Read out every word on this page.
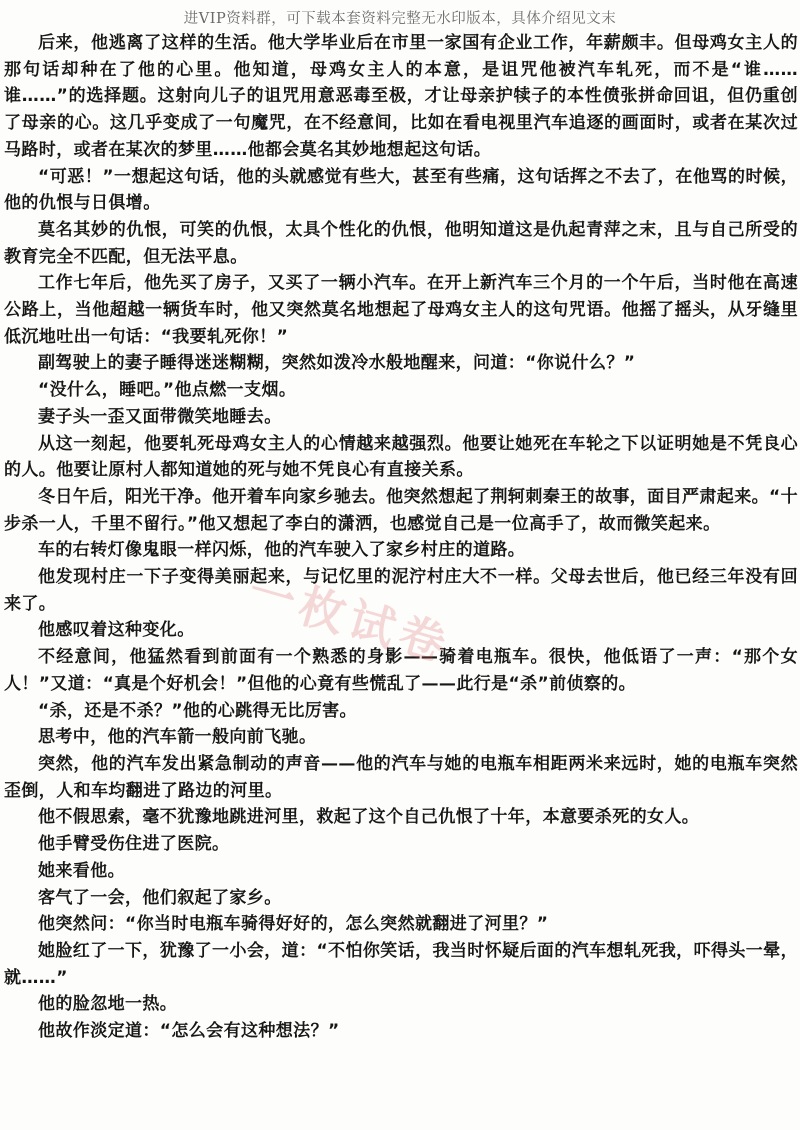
进VIP资料群，可下载本套资料完整无水印版本，具体介绍见文末

后来，他逃离了这样的生活。他大学毕业后在市里一家国有企业工作，年薪颇丰。但母鸡女主人的那句话却种在了他的心里。他知道，母鸡女主人的本意，是诅咒他被汽车轧死，而不是“谁……谁……”的选择题。这射向儿子的诅咒用意恶毒至极，才让母亲护犊子的本性偾张拼命回诅，但仍重创了母亲的心。这几乎变成了一句魔咒，在不经意间，比如在看电视里汽车追逐的画面时，或者在某次过马路时，或者在某次的梦里……他都会莫名其妙地想起这句话。

“可恶！”一想起这句话，他的头就感觉有些大，甚至有些痛，这句话挥之不去了，在他骂的时候，他的仇恨与日俱增。

莫名其妙的仇恨，可笑的仇恨，太具个性化的仇恨，他明知道这是仇起青萍之末，且与自己所受的教育完全不匹配，但无法平息。

工作七年后，他先买了房子，又买了一辆小汽车。在开上新汽车三个月的一个午后，当时他在高速公路上，当他超越一辆货车时，他又突然莫名地想起了母鸡女主人的这句咒语。他摇了摇头，从牙缝里低沉地吐出一句话：“我要轧死你！”

副驾驶上的妻子睡得迷迷糊糊，突然如泼冷水般地醒来，问道：“你说什么？”

“没什么，睡吧。”他点燃一支烟。

妻子头一歪又面带微笑地睡去。

从这一刻起，他要轧死母鸡女主人的心情越来越强烈。他要让她死在车轮之下以证明她是不凭良心的人。他要让原村人都知道她的死与她不凭良心有直接关系。

冬日午后，阳光干净。他开着车向家乡驰去。他突然想起了荆轲刺秦王的故事，面目严肃起来。“十步杀一人，千里不留行。”他又想起了李白的潇洒，也感觉自己是一位高手了，故而微笑起来。

车的右转灯像鬼眼一样闪烁，他的汽车驶入了家乡村庄的道路。

他发现村庄一下子变得美丽起来，与记忆里的泥泞村庄大不一样。父母去世后，他已经三年没有回来了。

他感叹着这种变化。

不经意间，他猛然看到前面有一个熟悉的身影——骑着电瓶车。很快，他低语了一声：“那个女人！”又道：“真是个好机会！”但他的心竟有些慌乱了——此行是“杀”前侦察的。

“杀，还是不杀？”他的心跳得无比厉害。

思考中，他的汽车箭一般向前飞驰。

突然，他的汽车发出紧急制动的声音——他的汽车与她的电瓶车相距两米来远时，她的电瓶车突然歪倒，人和车均翻进了路边的河里。

他不假思索，毫不犹豫地跳进河里，救起了这个自己仇恨了十年，本意要杀死的女人。

他手臂受伤住进了医院。

她来看他。

客气了一会，他们叙起了家乡。

他突然问：“你当时电瓶车骑得好好的，怎么突然就翻进了河里？”

她脸红了一下，犹豫了一小会，道：“不怕你笑话，我当时怀疑后面的汽车想轧死我，吓得头一晕，就……”

他的脸忽地一热。

他故作淡定道：“怎么会有这种想法？”

一枚试卷
